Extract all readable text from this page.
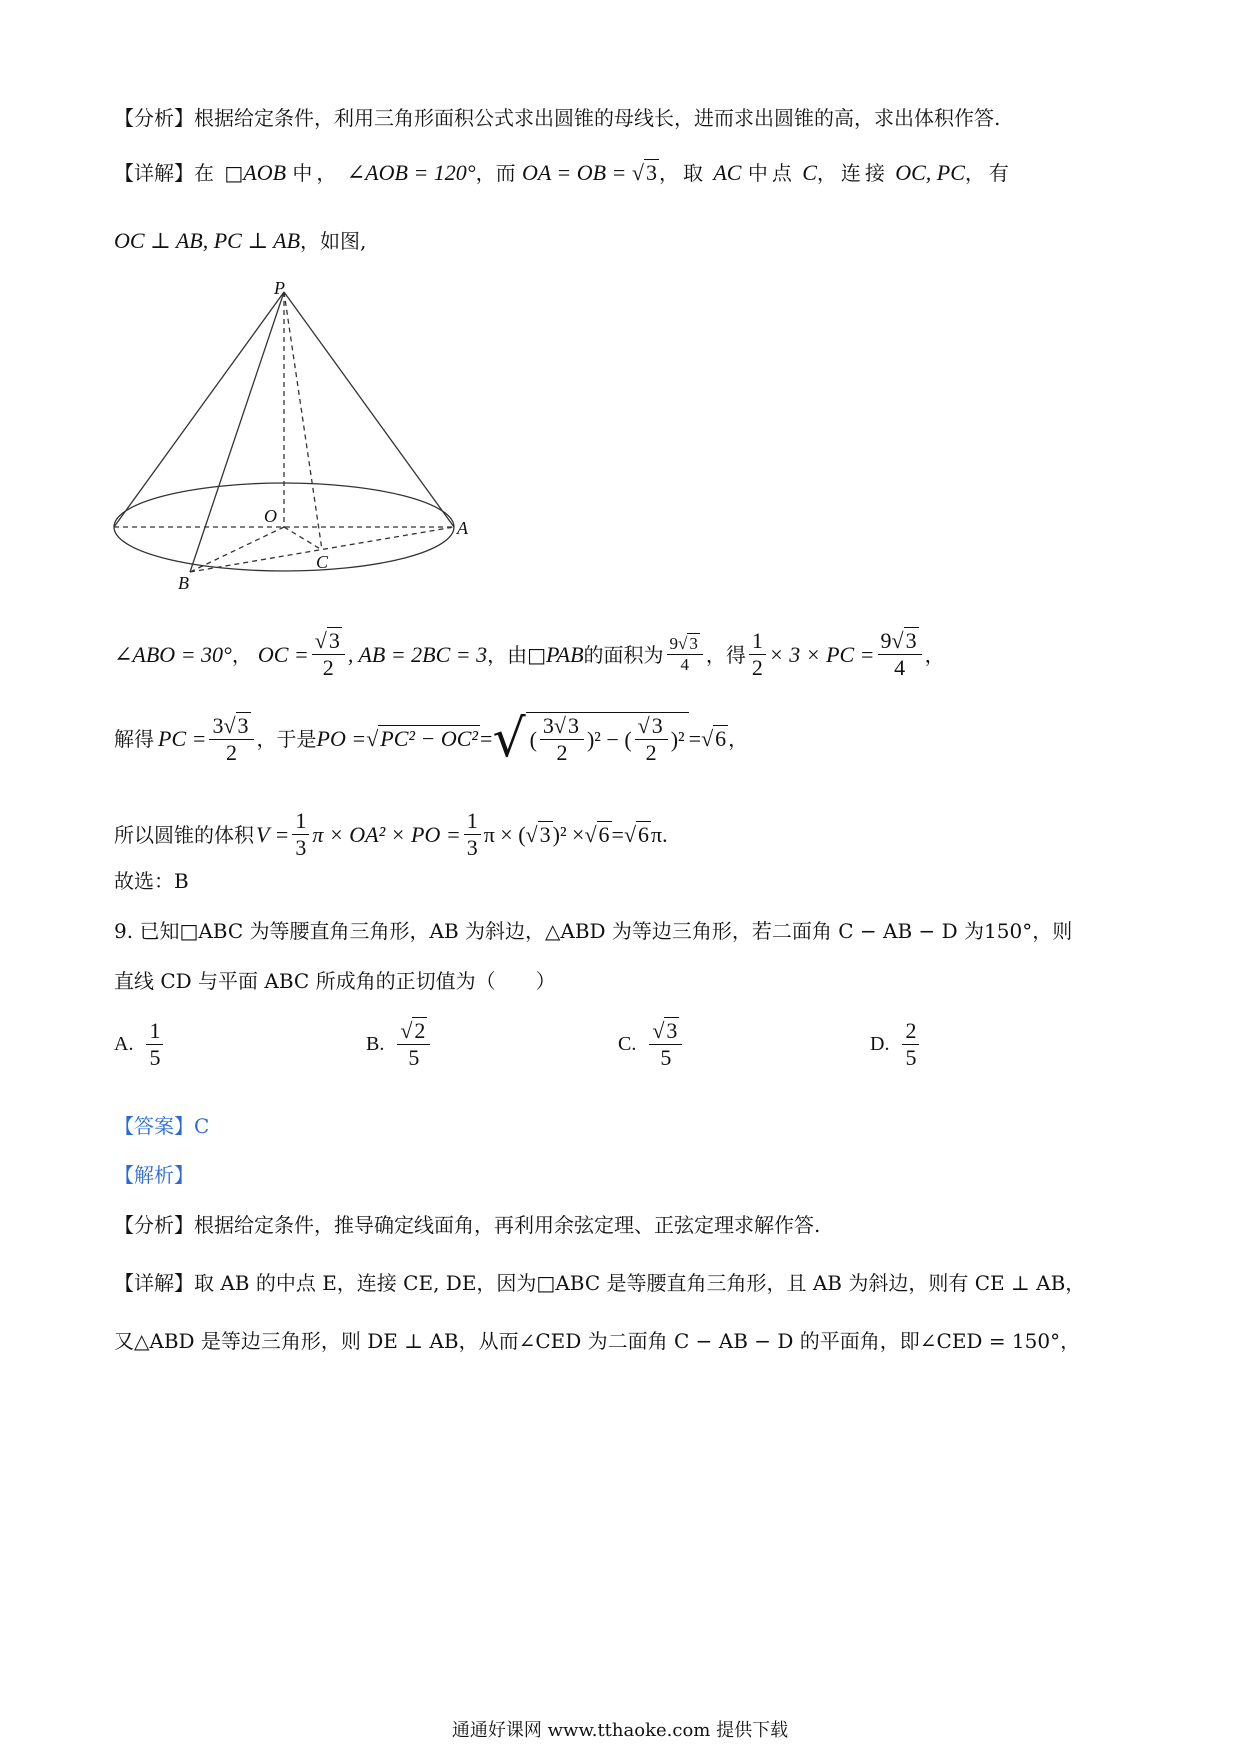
【分析】根据给定条件，利用三角形面积公式求出圆锥的母线长，进而求出圆锥的高，求出体积作答.
【详解】在 □AOB 中， ∠AOB = 120°，而 OA = OB = √3 ，取 AC 中点 C，连接 OC, PC，有
OC ⊥ AB, PC ⊥ AB，如图,
P
O
A
B
C
∠ABO = 30° ， OC = $\frac{√3}{2}$ , AB = 2BC = 3 ，由□ PAB 的面积为 $\frac{9√ 3}{4}$ ，得 $\frac{1}{2} \times 3$ × PC = $\frac{9√3}{4}$ ，
解得 PC = $\frac{3√3}{2}$ ，于是 PO = √PC² − OC² = √ ( $\frac{3√3}{2} )^2$ − ( $\frac{√3}{2} )^2 = √6$ ，
所以圆锥的体积 $V = \frac{1}{3}$ π × OA² × PO = $\frac{1}{3}$ π × ( √3 )² × √6 = √6 π.
故选：B
9. 已知□ABC 为等腰直角三角形，AB 为斜边，△ABD 为等边三角形，若二面角 C − AB − D 为150°，则
直线 CD 与平面 ABC 所成角的正切值为（　　）
A. $\frac{1}{5}$	B. $\frac{√2}{5}$	C. $\frac{√3}{5}$	D. $\frac{2}{5}$
【答案】C
【解析】
【分析】根据给定条件，推导确定线面角，再利用余弦定理、正弦定理求解作答.
【详解】取 AB 的中点 E，连接 CE, DE，因为□ABC 是等腰直角三角形，且 AB 为斜边，则有 CE ⊥ AB，
又△ABD 是等边三角形，则 DE ⊥ AB，从而∠CED 为二面角 C − AB − D 的平面角，即∠CED = 150°，
通通好课网 www.tthaoke.com 提供下载
